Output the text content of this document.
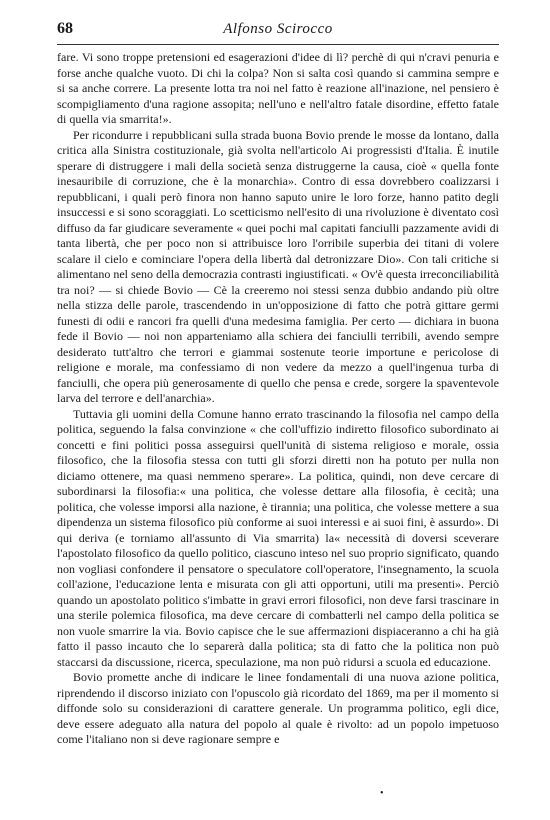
68	Alfonso Scirocco

fare. Vi sono troppe pretensioni ed esagerazioni d'idee di lì? perchè di qui n'cravi penuria e forse anche qualche vuoto. Di chi la colpa? Non si salta così quando si cammina sempre e si sa anche correre. La presente lotta tra noi nel fatto è reazione all'inazione, nel pensiero è scompigliamento d'una ragione assopita; nell'uno e nell'altro fatale disordine, effetto fatale di quella via smarrita!».

Per ricondurre i repubblicani sulla strada buona Bovio prende le mosse da lontano, dalla critica alla Sinistra costituzionale, già svolta nell'articolo Ai progressisti d'Italia. È inutile sperare di distruggere i mali della società senza distruggerne la causa, cioè « quella fonte inesauribile di corruzione, che è la monarchia». Contro di essa dovrebbero coalizzarsi i repubblicani, i quali però finora non hanno saputo unire le loro forze, hanno patito degli insuccessi e si sono scoraggiati. Lo scetticismo nell'esito di una rivoluzione è diventato così diffuso da far giudicare severamente « quei pochi mal capitati fanciulli pazzamente avidi di tanta libertà, che per poco non si attribuisce loro l'orribile superbia dei titani di volere scalare il cielo e cominciare l'opera della libertà dal detronizzare Dio». Con tali critiche si alimentano nel seno della democrazia contrasti ingiustificati. « Ov'è questa irreconciliabilità tra noi? — si chiede Bovio — Cè la creeremo noi stessi senza dubbio andando più oltre nella stizza delle parole, trascendendo in un'opposizione di fatto che potrà gittare germi funesti di odii e rancori fra quelli d'una medesima famiglia. Per certo — dichiara in buona fede il Bovio — noi non apparteniamo alla schiera dei fanciulli terribili, avendo sempre desiderato tutt'altro che terrori e giammai sostenute teorie importune e pericolose di religione e morale, ma confessiamo di non vedere da mezzo a quell'ingenua turba di fanciulli, che opera più generosamente di quello che pensa e crede, sorgere la spaventevole larva del terrore e dell'anarchia».

Tuttavia gli uomini della Comune hanno errato trascinando la filosofia nel campo della politica, seguendo la falsa convinzione « che coll'uffizio indiretto filosofico subordinato ai concetti e fini politici possa asseguirsi quell'unità di sistema religioso e morale, ossia filosofico, che la filosofia stessa con tutti gli sforzi diretti non ha potuto per nulla non diciamo ottenere, ma quasi nemmeno sperare». La politica, quindi, non deve cercare di subordinarsi la filosofia:« una politica, che volesse dettare alla filosofia, è cecità; una politica, che volesse imporsi alla nazione, è tirannia; una politica, che volesse mettere a sua dipendenza un sistema filosofico più conforme ai suoi interessi e ai suoi fini, è assurdo». Di qui deriva (e torniamo all'assunto di Via smarrita) la« necessità di doversi sceverare l'apostolato filosofico da quello politico, ciascuno inteso nel suo proprio significato, quando non vogliasi confondere il pensatore o speculatore coll'operatore, l'insegnamento, la scuola coll'azione, l'educazione lenta e misurata con gli atti opportuni, utili ma presenti». Perciò quando un apostolato politico s'imbatte in gravi errori filosofici, non deve farsi trascinare in una sterile polemica filosofica, ma deve cercare di combatterli nel campo della politica se non vuole smarrire la via. Bovio capisce che le sue affermazioni dispiaceranno a chi ha già fatto il passo incauto che lo separerà dalla politica; sta di fatto che la politica non può staccarsi da discussione, ricerca, speculazione, ma non può ridursi a scuola ed educazione.

Bovio promette anche di indicare le linee fondamentali di una nuova azione politica, riprendendo il discorso iniziato con l'opuscolo già ricordato del 1869, ma per il momento si diffonde solo su considerazioni di carattere generale. Un programma politico, egli dice, deve essere adeguato alla natura del popolo al quale è rivolto: ad un popolo impetuoso come l'italiano non si deve ragionare sempre e

•
